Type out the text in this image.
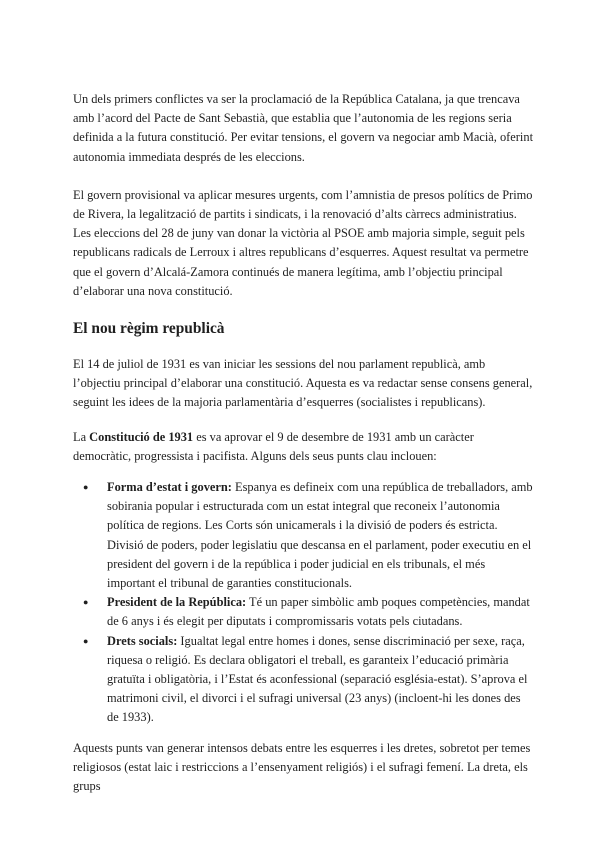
Un dels primers conflictes va ser la proclamació de la República Catalana, ja que trencava amb l’acord del Pacte de Sant Sebastià, que establia que l’autonomia de les regions seria definida a la futura constitució. Per evitar tensions, el govern va negociar amb Macià, oferint autonomia immediata després de les eleccions.

El govern provisional va aplicar mesures urgents, com l’amnistia de presos polítics de Primo de Rivera, la legalització de partits i sindicats, i la renovació d’alts càrrecs administratius. Les eleccions del 28 de juny van donar la victòria al PSOE amb majoria simple, seguit pels republicans radicals de Lerroux i altres republicans d’esquerres. Aquest resultat va permetre que el govern d’Alcalá-Zamora continués de manera legítima, amb l’objectiu principal d’elaborar una nova constitució.

El nou règim republicà

El 14 de juliol de 1931 es van iniciar les sessions del nou parlament republicà, amb l’objectiu principal d’elaborar una constitució. Aquesta es va redactar sense consens general, seguint les idees de la majoria parlamentària d’esquerres (socialistes i republicans).

La Constitució de 1931 es va aprovar el 9 de desembre de 1931 amb un caràcter democràtic, progressista i pacifista. Alguns dels seus punts clau inclouen:

● Forma d’estat i govern: Espanya es defineix com una república de treballadors, amb sobirania popular i estructurada com un estat integral que reconeix l’autonomia política de regions. Les Corts són unicamerals i la divisió de poders és estricta. Divisió de poders, poder legislatiu que descansa en el parlament, poder executiu en el president del govern i de la república i poder judicial en els tribunals, el més important el tribunal de garanties constitucionals.
● President de la República: Té un paper simbòlic amb poques competències, mandat de 6 anys i és elegit per diputats i compromissaris votats pels ciutadans.
● Drets socials: Igualtat legal entre homes i dones, sense discriminació per sexe, raça, riquesa o religió. Es declara obligatori el treball, es garanteix l’educació primària gratuïta i obligatòria, i l’Estat és aconfessional (separació església-estat). S’aprova el matrimoni civil, el divorci i el sufragi universal (23 anys) (incloent-hi les dones des de 1933).

Aquests punts van generar intensos debats entre les esquerres i les dretes, sobretot per temes religiosos (estat laic i restriccions a l’ensenyament religiós) i el sufragi femení. La dreta, els grups
